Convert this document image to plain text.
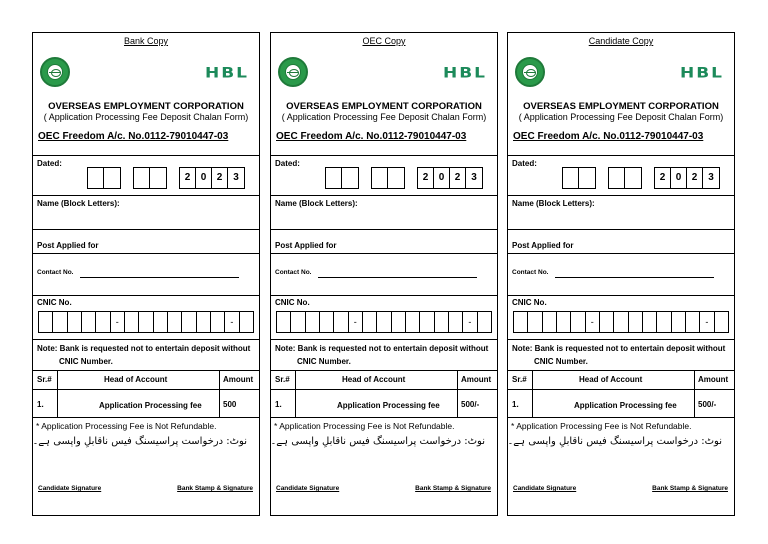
Bank Copy
HBL
OVERSEAS EMPLOYMENT CORPORATION
( Application Processing Fee Deposit Chalan Form)
OEC Freedom A/c. No.0112-79010447-03
Dated:
2	0	2	3
Name (Block Letters):
Post Applied for
Contact No.
CNIC No.
-	-
Note: Bank is requested not to entertain deposit without
CNIC Number.
Sr.#	Head of Account	Amount
1.	Application Processing fee	500
* Application Processing Fee is Not Refundable.
نوٹ: درخواست پراسیسنگ فیس ناقابلِ واپسی ہے۔
Candidate Signature	Bank Stamp & Signature
OEC Copy
HBL
OVERSEAS EMPLOYMENT CORPORATION
( Application Processing Fee Deposit Chalan Form)
OEC Freedom A/c. No.0112-79010447-03
Dated:
2	0	2	3
Name (Block Letters):
Post Applied for
Contact No.
CNIC No.
-	-
Note: Bank is requested not to entertain deposit without
CNIC Number.
Sr.#	Head of Account	Amount
1.	Application Processing fee	500/-
* Application Processing Fee is Not Refundable.
نوٹ: درخواست پراسیسنگ فیس ناقابلِ واپسی ہے۔
Candidate Signature	Bank Stamp & Signature
Candidate Copy
HBL
OVERSEAS EMPLOYMENT CORPORATION
( Application Processing Fee Deposit Chalan Form)
OEC Freedom A/c. No.0112-79010447-03
Dated:
2	0	2	3
Name (Block Letters):
Post Applied for
Contact No.
CNIC No.
-	-
Note: Bank is requested not to entertain deposit without
CNIC Number.
Sr.#	Head of Account	Amount
1.	Application Processing fee	500/-
* Application Processing Fee is Not Refundable.
نوٹ: درخواست پراسیسنگ فیس ناقابلِ واپسی ہے۔
Candidate Signature	Bank Stamp & Signature
